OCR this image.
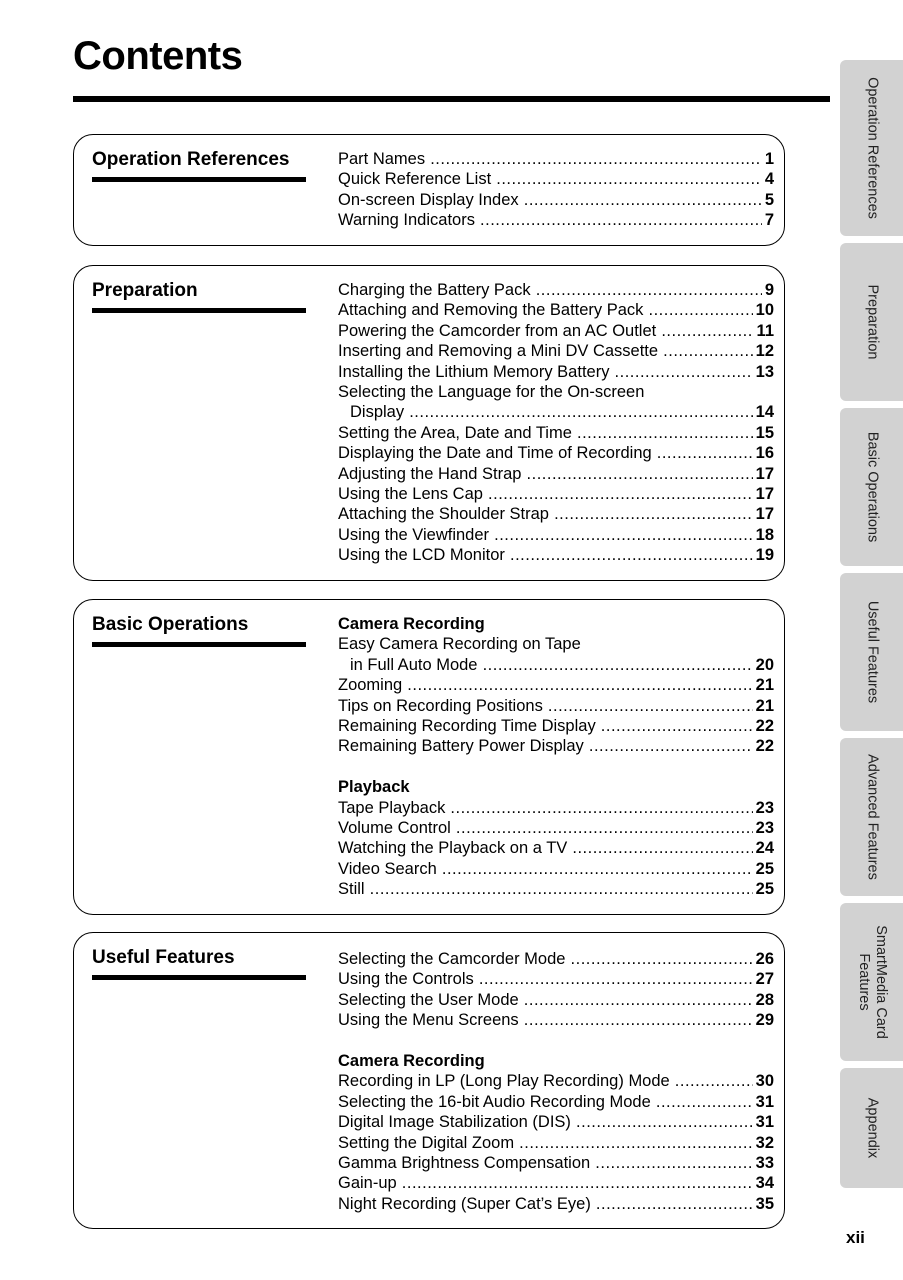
Contents
Operation References	Part Names .....	1
Quick Reference List .....	4
On-screen Display Index .....	5
Warning Indicators .....	7
Preparation	Charging the Battery Pack .....	9
Attaching and Removing the Battery Pack .....	10
Powering the Camcorder from an AC Outlet .....	11
Inserting and Removing a Mini DV Cassette .....	12
Installing the Lithium Memory Battery .....	13
Selecting the Language for the On-screen
Display .....	14
Setting the Area, Date and Time .....	15
Displaying the Date and Time of Recording .....	16
Adjusting the Hand Strap .....	17
Using the Lens Cap .....	17
Attaching the Shoulder Strap .....	17
Using the Viewfinder .....	18
Using the LCD Monitor .....	19
Basic Operations	Camera Recording
Easy Camera Recording on Tape
in Full Auto Mode .....	20
Zooming .....	21
Tips on Recording Positions .....	21
Remaining Recording Time Display .....	22
Remaining Battery Power Display .....	22
Playback
Tape Playback .....	23
Volume Control .....	23
Watching the Playback on a TV .....	24
Video Search .....	25
Still .....	25
Useful Features	Selecting the Camcorder Mode .....	26
Using the Controls .....	27
Selecting the User Mode .....	28
Using the Menu Screens .....	29
Camera Recording
Recording in LP (Long Play Recording) Mode .....	30
Selecting the 16-bit Audio Recording Mode .....	31
Digital Image Stabilization (DIS) .....	31
Setting the Digital Zoom .....	32
Gamma Brightness Compensation .....	33
Gain-up .....	34
Night Recording (Super Cat’s Eye) .....	35
Operation References
Preparation
Basic Operations
Useful Features
Advanced Features
SmartMedia Card
Features
Appendix
xii
